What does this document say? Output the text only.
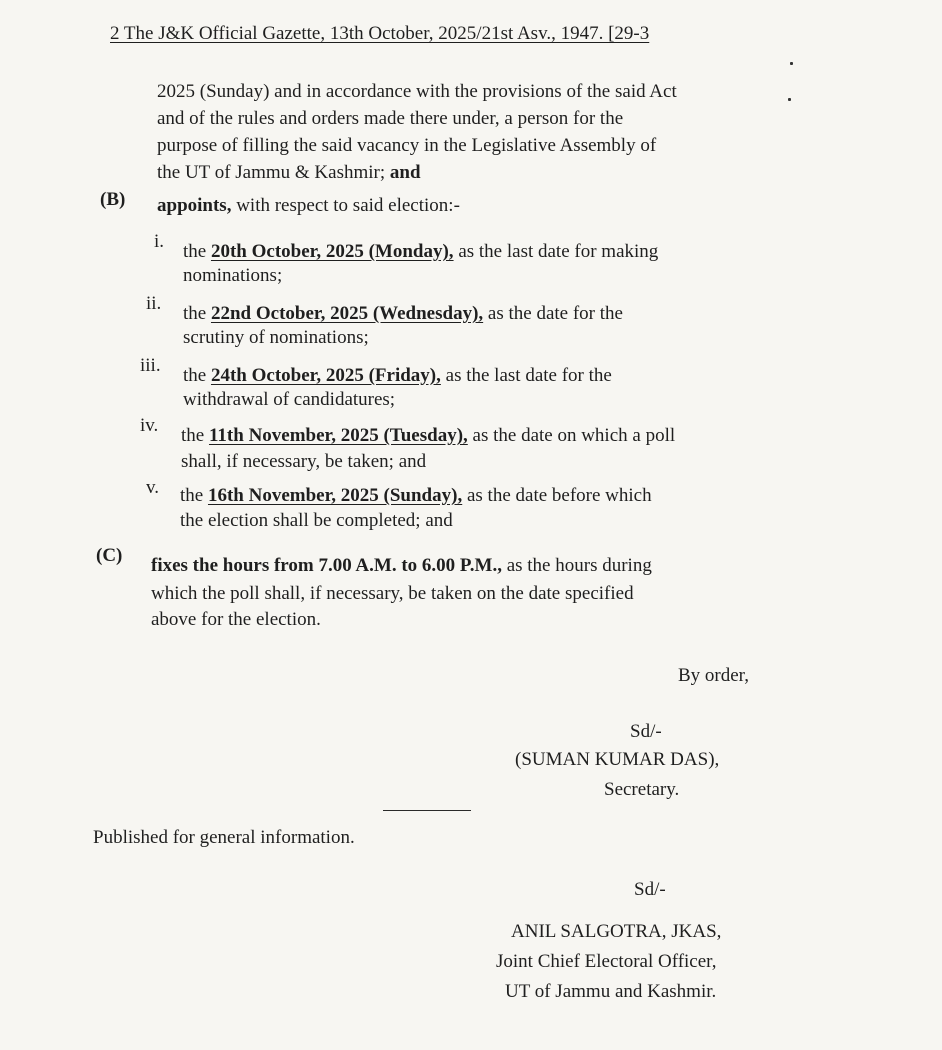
2 The J&K Official Gazette, 13th October, 2025/21st Asv., 1947. [29-3
2025 (Sunday) and in accordance with the provisions of the said Act
and of the rules and orders made there under, a person for the
purpose of filling the said vacancy in the Legislative Assembly of
the UT of Jammu & Kashmir; and
(B) appoints, with respect to said election:-
i. the 20th October, 2025 (Monday), as the last date for making
nominations;
ii. the 22nd October, 2025 (Wednesday), as the date for the
scrutiny of nominations;
iii. the 24th October, 2025 (Friday), as the last date for the
withdrawal of candidatures;
iv. the 11th November, 2025 (Tuesday), as the date on which a poll
shall, if necessary, be taken; and
v. the 16th November, 2025 (Sunday), as the date before which
the election shall be completed; and
(C) fixes the hours from 7.00 A.M. to 6.00 P.M., as the hours during
which the poll shall, if necessary, be taken on the date specified
above for the election.
By order,
Sd/-
(SUMAN KUMAR DAS),
Secretary.
Published for general information.
Sd/-
ANIL SALGOTRA, JKAS,
Joint Chief Electoral Officer,
UT of Jammu and Kashmir.
